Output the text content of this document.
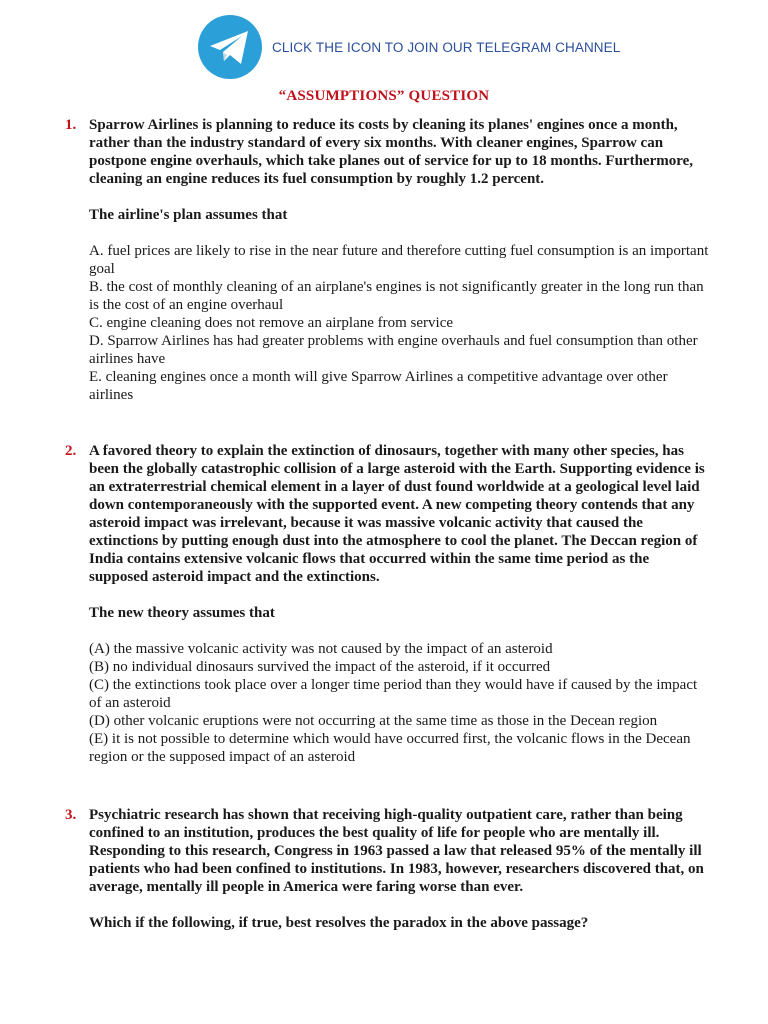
CLICK THE ICON TO JOIN OUR TELEGRAM CHANNEL
“ASSUMPTIONS” QUESTION
1. Sparrow Airlines is planning to reduce its costs by cleaning its planes' engines once a month, rather than the industry standard of every six months. With cleaner engines, Sparrow can postpone engine overhauls, which take planes out of service for up to 18 months. Furthermore, cleaning an engine reduces its fuel consumption by roughly 1.2 percent.

The airline's plan assumes that

A. fuel prices are likely to rise in the near future and therefore cutting fuel consumption is an important goal

B. the cost of monthly cleaning of an airplane's engines is not significantly greater in the long run than is the cost of an engine overhaul

C. engine cleaning does not remove an airplane from service

D. Sparrow Airlines has had greater problems with engine overhauls and fuel consumption than other airlines have

E. cleaning engines once a month will give Sparrow Airlines a competitive advantage over other airlines

2. A favored theory to explain the extinction of dinosaurs, together with many other species, has been the globally catastrophic collision of a large asteroid with the Earth. Supporting evidence is an extraterrestrial chemical element in a layer of dust found worldwide at a geological level laid down contemporaneously with the supported event. A new competing theory contends that any asteroid impact was irrelevant, because it was massive volcanic activity that caused the extinctions by putting enough dust into the atmosphere to cool the planet. The Deccan region of India contains extensive volcanic flows that occurred within the same time period as the supposed asteroid impact and the extinctions.

The new theory assumes that

(A) the massive volcanic activity was not caused by the impact of an asteroid

(B) no individual dinosaurs survived the impact of the asteroid, if it occurred

(C) the extinctions took place over a longer time period than they would have if caused by the impact of an asteroid

(D) other volcanic eruptions were not occurring at the same time as those in the Decean region

(E) it is not possible to determine which would have occurred first, the volcanic flows in the Decean region or the supposed impact of an asteroid

3. Psychiatric research has shown that receiving high-quality outpatient care, rather than being confined to an institution, produces the best quality of life for people who are mentally ill. Responding to this research, Congress in 1963 passed a law that released 95% of the mentally ill patients who had been confined to institutions. In 1983, however, researchers discovered that, on average, mentally ill people in America were faring worse than ever.

Which if the following, if true, best resolves the paradox in the above passage?
